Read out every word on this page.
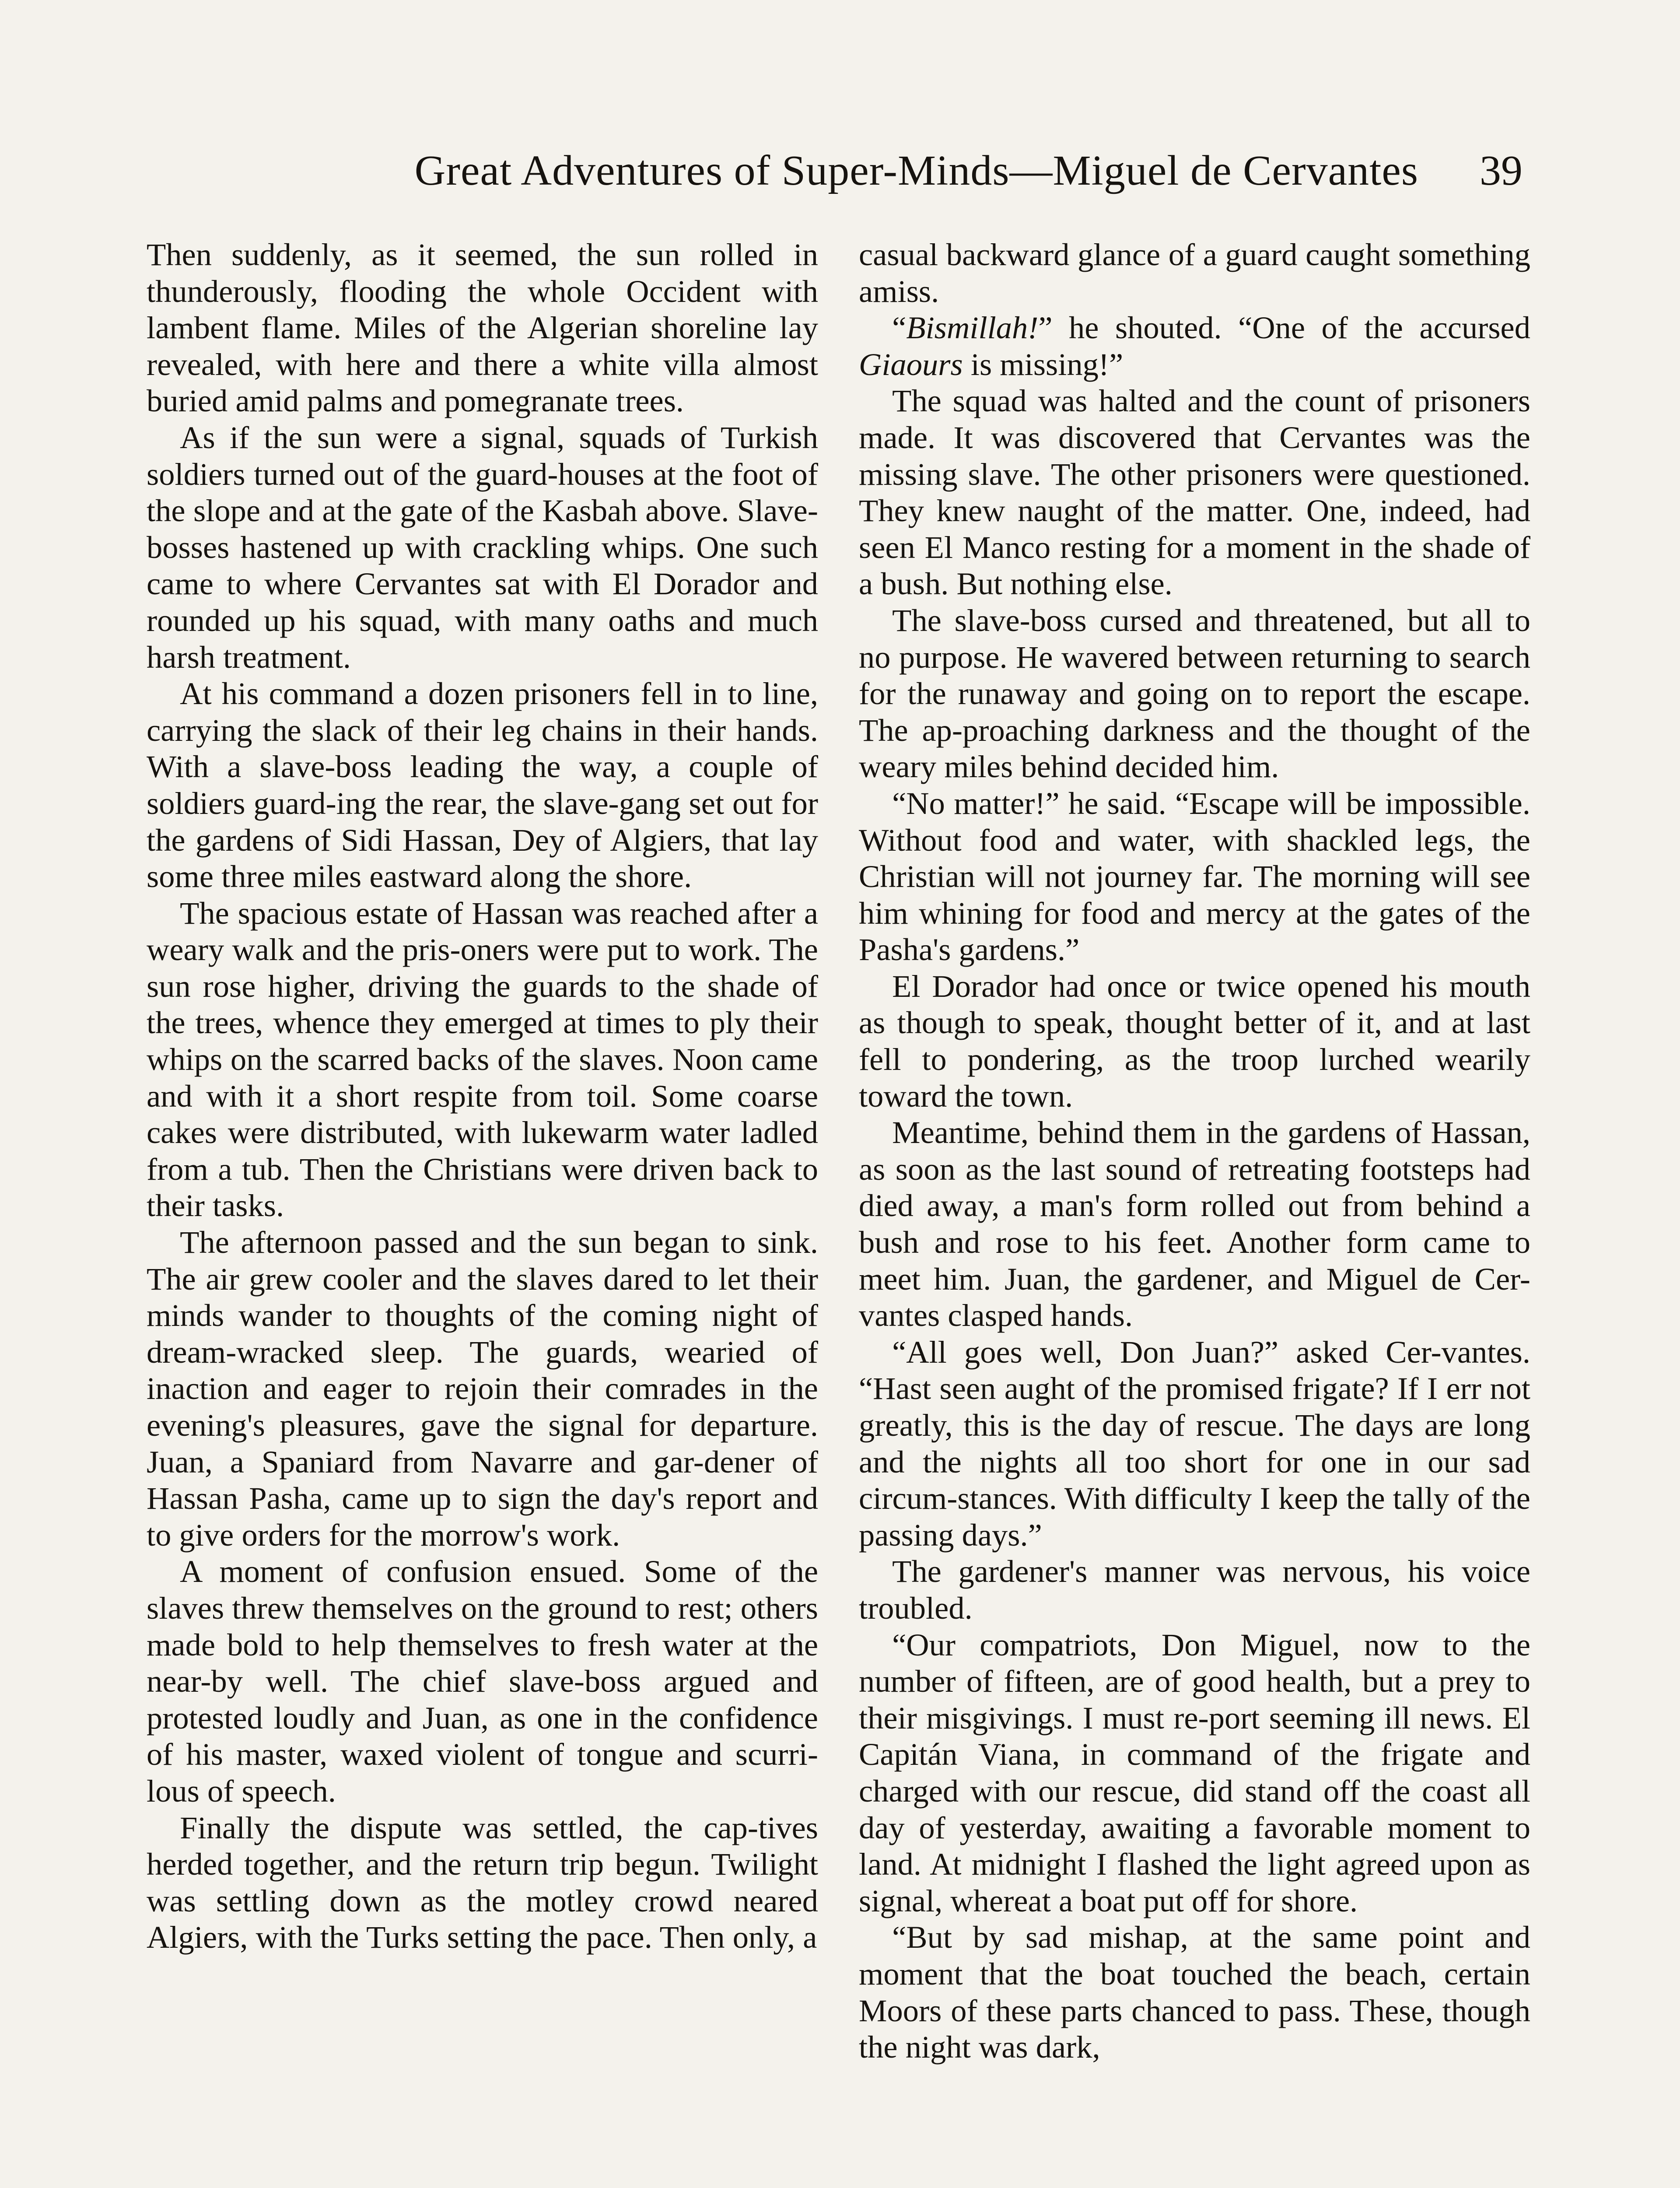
Great Adventures of Super-Minds—Miguel de Cervantes 39

Then suddenly, as it seemed, the sun rolled in thunderously, flooding the whole Occident with lambent flame. Miles of the Algerian shoreline lay revealed, with here and there a white villa almost buried amid palms and pomegranate trees.

As if the sun were a signal, squads of Turkish soldiers turned out of the guard-houses at the foot of the slope and at the gate of the Kasbah above. Slave-bosses hastened up with crackling whips. One such came to where Cervantes sat with El Dorador and rounded up his squad, with many oaths and much harsh treatment.

At his command a dozen prisoners fell in to line, carrying the slack of their leg chains in their hands. With a slave-boss leading the way, a couple of soldiers guard-ing the rear, the slave-gang set out for the gardens of Sidi Hassan, Dey of Algiers, that lay some three miles eastward along the shore.

The spacious estate of Hassan was reached after a weary walk and the pris-oners were put to work. The sun rose higher, driving the guards to the shade of the trees, whence they emerged at times to ply their whips on the scarred backs of the slaves. Noon came and with it a short respite from toil. Some coarse cakes were distributed, with lukewarm water ladled from a tub. Then the Christians were driven back to their tasks.

The afternoon passed and the sun began to sink. The air grew cooler and the slaves dared to let their minds wander to thoughts of the coming night of dream-wracked sleep. The guards, wearied of inaction and eager to rejoin their comrades in the evening's pleasures, gave the signal for departure. Juan, a Spaniard from Navarre and gar-dener of Hassan Pasha, came up to sign the day's report and to give orders for the morrow's work.

A moment of confusion ensued. Some of the slaves threw themselves on the ground to rest; others made bold to help themselves to fresh water at the near-by well. The chief slave-boss argued and protested loudly and Juan, as one in the confidence of his master, waxed violent of tongue and scurri-lous of speech.

Finally the dispute was settled, the cap-tives herded together, and the return trip begun. Twilight was settling down as the motley crowd neared Algiers, with the Turks setting the pace. Then only, a

casual backward glance of a guard caught something amiss.

“Bismillah!” he shouted. “One of the accursed Giaours is missing!”

The squad was halted and the count of prisoners made. It was discovered that Cervantes was the missing slave. The other prisoners were questioned. They knew naught of the matter. One, indeed, had seen El Manco resting for a moment in the shade of a bush. But nothing else.

The slave-boss cursed and threatened, but all to no purpose. He wavered between returning to search for the runaway and going on to report the escape. The ap-proaching darkness and the thought of the weary miles behind decided him.

“No matter!” he said. “Escape will be impossible. Without food and water, with shackled legs, the Christian will not journey far. The morning will see him whining for food and mercy at the gates of the Pasha's gardens.”

El Dorador had once or twice opened his mouth as though to speak, thought better of it, and at last fell to pondering, as the troop lurched wearily toward the town.

Meantime, behind them in the gardens of Hassan, as soon as the last sound of retreating footsteps had died away, a man's form rolled out from behind a bush and rose to his feet. Another form came to meet him. Juan, the gardener, and Miguel de Cer-vantes clasped hands.

“All goes well, Don Juan?” asked Cer-vantes. “Hast seen aught of the promised frigate? If I err not greatly, this is the day of rescue. The days are long and the nights all too short for one in our sad circum-stances. With difficulty I keep the tally of the passing days.”

The gardener's manner was nervous, his voice troubled.

“Our compatriots, Don Miguel, now to the number of fifteen, are of good health, but a prey to their misgivings. I must re-port seeming ill news. El Capitán Viana, in command of the frigate and charged with our rescue, did stand off the coast all day of yesterday, awaiting a favorable moment to land. At midnight I flashed the light agreed upon as signal, whereat a boat put off for shore.

“But by sad mishap, at the same point and moment that the boat touched the beach, certain Moors of these parts chanced to pass. These, though the night was dark,
